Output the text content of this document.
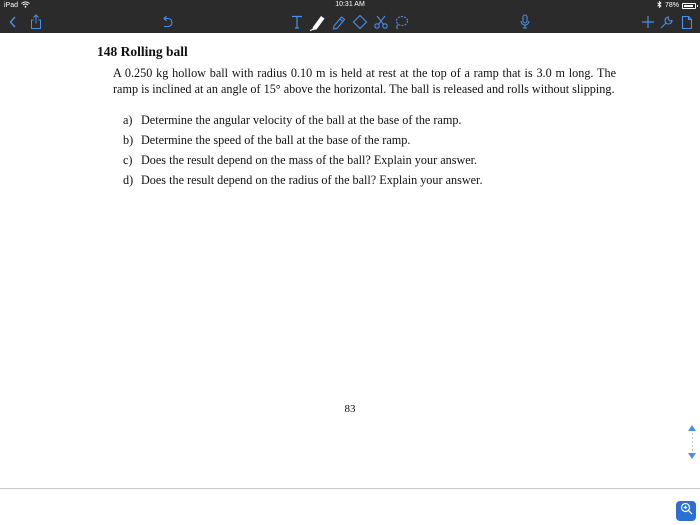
iPad	10:31 AM	78%
148 Rolling ball

A 0.250 kg hollow ball with radius 0.10 m is held at rest at the top of a ramp that is 3.0 m long. The ramp is inclined at an angle of 15° above the horizontal. The ball is released and rolls without slipping.

a) Determine the angular velocity of the ball at the base of the ramp.
b) Determine the speed of the ball at the base of the ramp.
c) Does the result depend on the mass of the ball? Explain your answer.
d) Does the result depend on the radius of the ball? Explain your answer.
83
